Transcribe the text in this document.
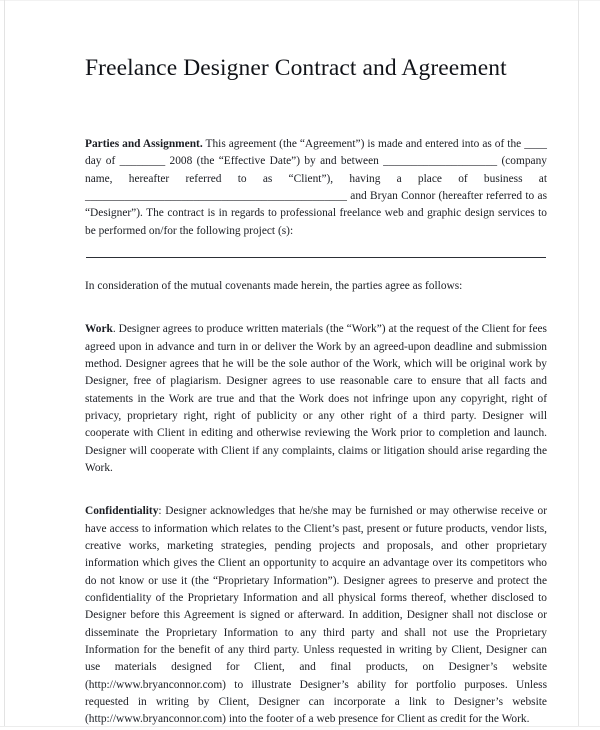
Freelance Designer Contract and Agreement

Parties and Assignment. This agreement (the “Agreement”) is made and entered into as of the ____ day of ________ 2008 (the “Effective Date”) by and between ____________________ (company name, hereafter referred to as “Client”), having a place of business at ______________________________________________ and Bryan Connor (hereafter referred to as “Designer”). The contract is in regards to professional freelance web and graphic design services to be performed on/for the following project (s):

In consideration of the mutual covenants made herein, the parties agree as follows:

Work. Designer agrees to produce written materials (the “Work”) at the request of the Client for fees agreed upon in advance and turn in or deliver the Work by an agreed-upon deadline and submission method. Designer agrees that he will be the sole author of the Work, which will be original work by Designer, free of plagiarism. Designer agrees to use reasonable care to ensure that all facts and statements in the Work are true and that the Work does not infringe upon any copyright, right of privacy, proprietary right, right of publicity or any other right of a third party. Designer will cooperate with Client in editing and otherwise reviewing the Work prior to completion and launch. Designer will cooperate with Client if any complaints, claims or litigation should arise regarding the Work.

Confidentiality: Designer acknowledges that he/she may be furnished or may otherwise receive or have access to information which relates to the Client’s past, present or future products, vendor lists, creative works, marketing strategies, pending projects and proposals, and other proprietary information which gives the Client an opportunity to acquire an advantage over its competitors who do not know or use it (the “Proprietary Information”). Designer agrees to preserve and protect the confidentiality of the Proprietary Information and all physical forms thereof, whether disclosed to Designer before this Agreement is signed or afterward. In addition, Designer shall not disclose or disseminate the Proprietary Information to any third party and shall not use the Proprietary Information for the benefit of any third party. Unless requested in writing by Client, Designer can use materials designed for Client, and final products, on Designer’s website (http://www.bryanconnor.com) to illustrate Designer’s ability for portfolio purposes. Unless requested in writing by Client, Designer can incorporate a link to Designer’s website (http://www.bryanconnor.com) into the footer of a web presence for Client as credit for the Work.
